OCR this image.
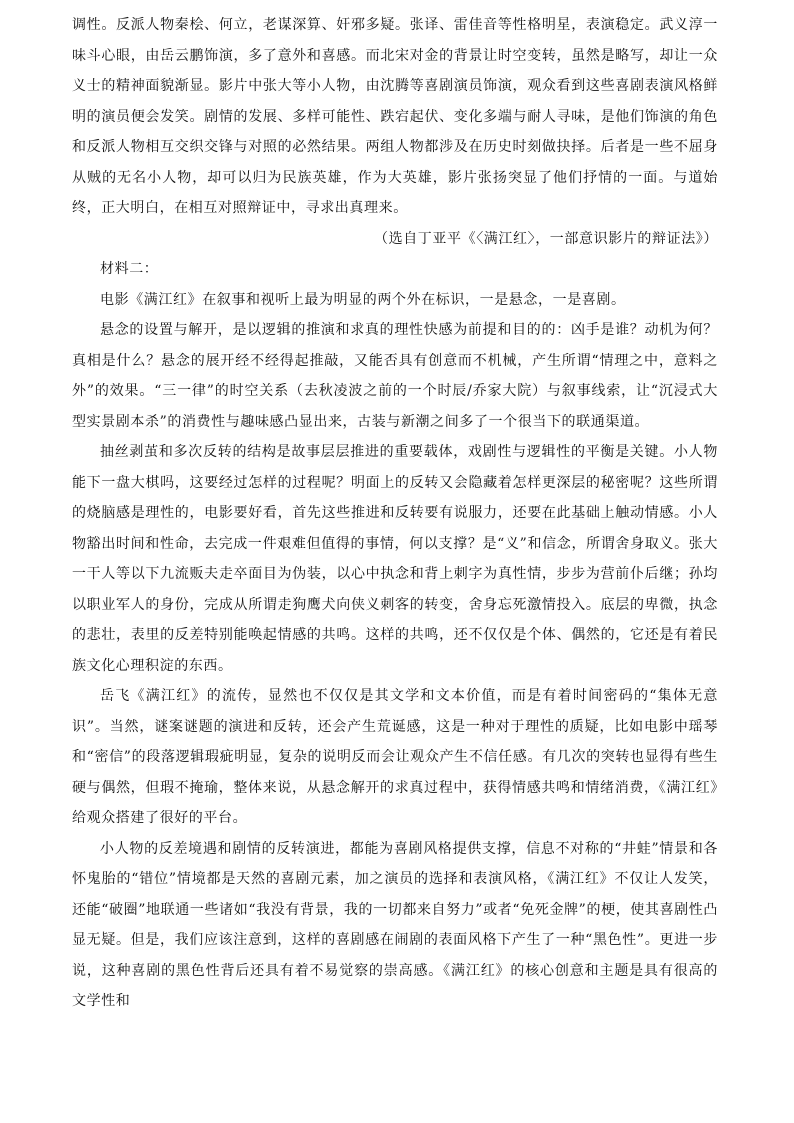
调性。反派人物秦桧、何立，老谋深算、奸邪多疑。张译、雷佳音等性格明星，表演稳定。武义淳一味斗心眼，由岳云鹏饰演，多了意外和喜感。而北宋对金的背景让时空变转，虽然是略写，却让一众义士的精神面貌渐显。影片中张大等小人物，由沈腾等喜剧演员饰演，观众看到这些喜剧表演风格鲜明的演员便会发笑。剧情的发展、多样可能性、跌宕起伏、变化多端与耐人寻味，是他们饰演的角色和反派人物相互交织交锋与对照的必然结果。两组人物都涉及在历史时刻做抉择。后者是一些不屈身从贼的无名小人物，却可以归为民族英雄，作为大英雄，影片张扬突显了他们抒情的一面。与道始终，正大明白，在相互对照辩证中，寻求出真理来。

（选自丁亚平《〈满江红〉，一部意识影片的辩证法》）

材料二：

电影《满江红》在叙事和视听上最为明显的两个外在标识，一是悬念，一是喜剧。

悬念的设置与解开，是以逻辑的推演和求真的理性快感为前提和目的的：凶手是谁？动机为何？真相是什么？悬念的展开经不经得起推敲，又能否具有创意而不机械，产生所谓“情理之中，意料之外”的效果。“三一律”的时空关系（去秋凌波之前的一个时辰/乔家大院）与叙事线索，让“沉浸式大型实景剧本杀”的消费性与趣味感凸显出来，古装与新潮之间多了一个很当下的联通渠道。

抽丝剥茧和多次反转的结构是故事层层推进的重要载体，戏剧性与逻辑性的平衡是关键。小人物能下一盘大棋吗，这要经过怎样的过程呢？明面上的反转又会隐藏着怎样更深层的秘密呢？这些所谓的烧脑感是理性的，电影要好看，首先这些推进和反转要有说服力，还要在此基础上触动情感。小人物豁出时间和性命，去完成一件艰难但值得的事情，何以支撑？是“义”和信念，所谓舍身取义。张大一干人等以下九流贩夫走卒面目为伪装，以心中执念和背上刺字为真性情，步步为营前仆后继；孙均以职业军人的身份，完成从所谓走狗鹰犬向侠义刺客的转变，舍身忘死激情投入。底层的卑微，执念的悲壮，表里的反差特别能唤起情感的共鸣。这样的共鸣，还不仅仅是个体、偶然的，它还是有着民族文化心理积淀的东西。

岳飞《满江红》的流传，显然也不仅仅是其文学和文本价值，而是有着时间密码的“集体无意识”。当然，谜案谜题的演进和反转，还会产生荒诞感，这是一种对于理性的质疑，比如电影中瑶琴和“密信”的段落逻辑瑕疵明显，复杂的说明反而会让观众产生不信任感。有几次的突转也显得有些生硬与偶然，但瑕不掩瑜，整体来说，从悬念解开的求真过程中，获得情感共鸣和情绪消费，《满江红》给观众搭建了很好的平台。

小人物的反差境遇和剧情的反转演进，都能为喜剧风格提供支撑，信息不对称的“井蛙”情景和各怀鬼胎的“错位”情境都是天然的喜剧元素，加之演员的选择和表演风格，《满江红》不仅让人发笑，还能“破圈”地联通一些诸如“我没有背景，我的一切都来自努力”或者“免死金牌”的梗，使其喜剧性凸显无疑。但是，我们应该注意到，这样的喜剧感在闹剧的表面风格下产生了一种“黑色性”。更进一步说，这种喜剧的黑色性背后还具有着不易觉察的崇高感。《满江红》的核心创意和主题是具有很高的文学性和
